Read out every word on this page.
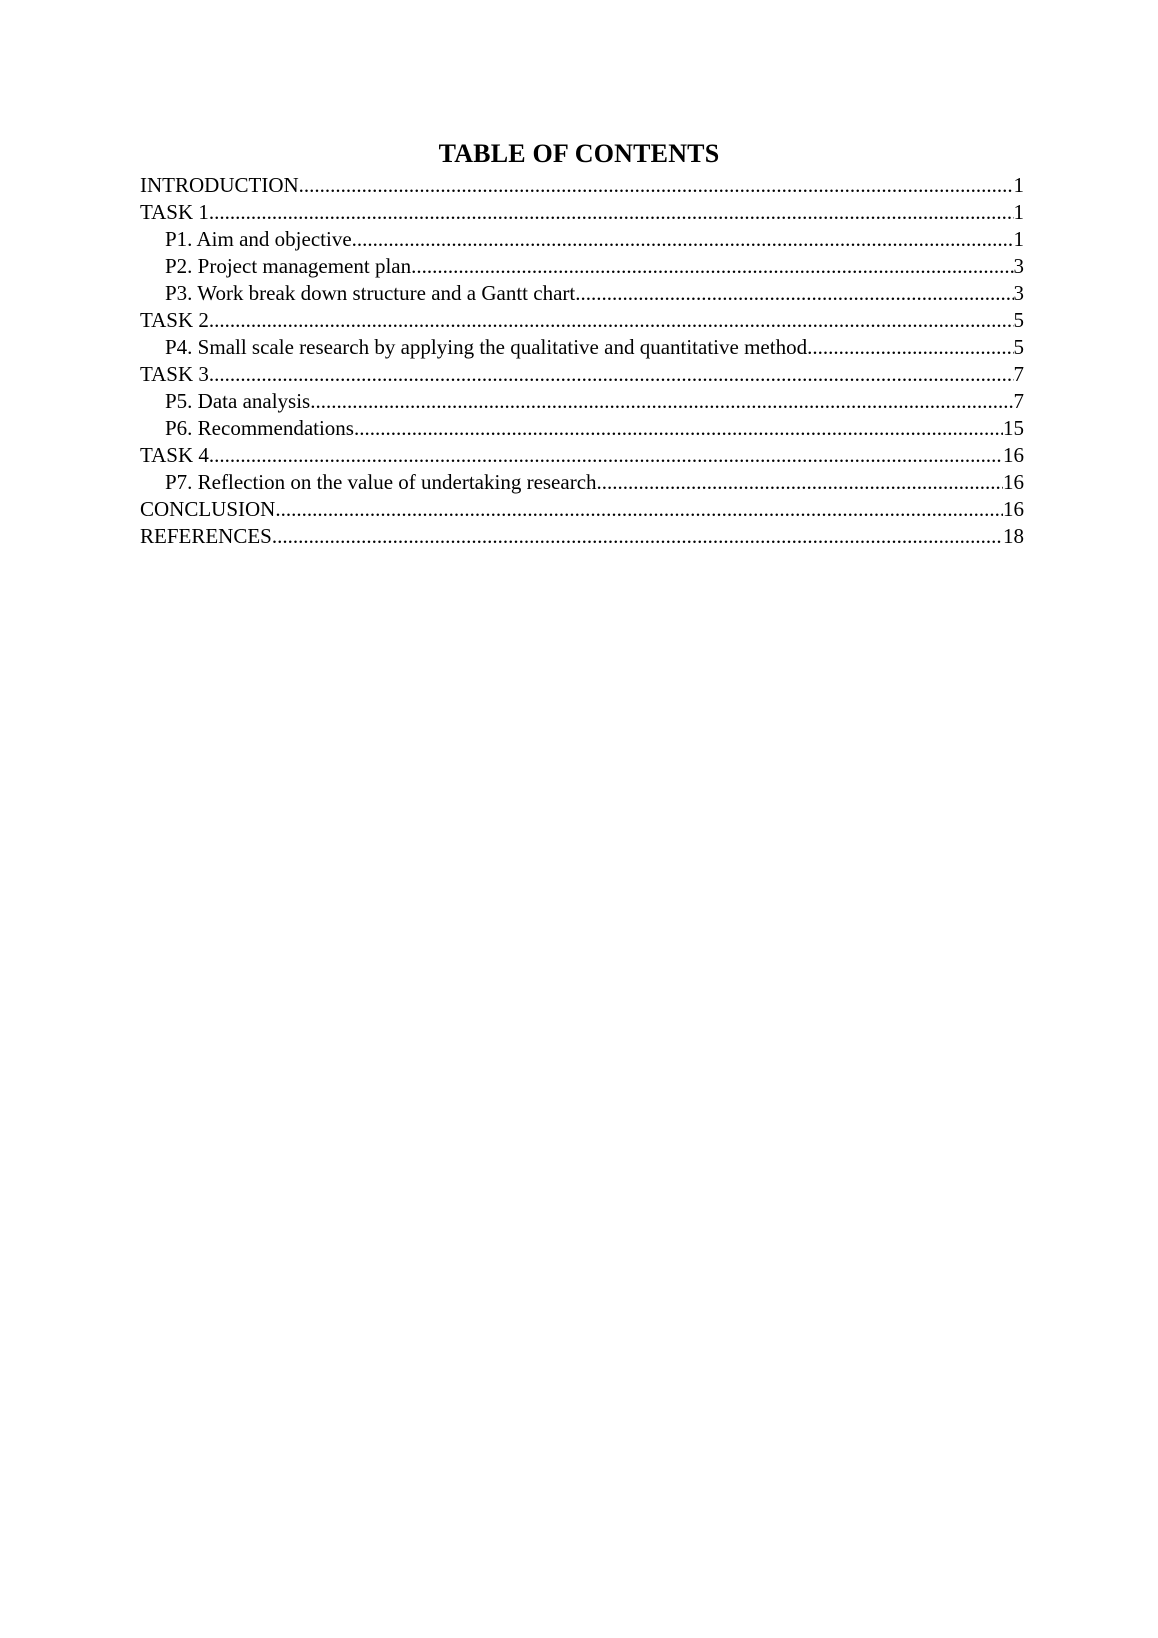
TABLE OF CONTENTS
INTRODUCTION .....	1
TASK 1 .....	1
P1. Aim and objective .....	1
P2. Project management plan .....	3
P3. Work break down structure and a Gantt chart .....	3
TASK 2 .....	5
P4. Small scale research by applying the qualitative and quantitative method .....	5
TASK 3 .....	7
P5. Data analysis .....	7
P6. Recommendations .....	15
TASK 4 .....	16
P7. Reflection on the value of undertaking research .....	16
CONCLUSION .....	16
REFERENCES .....	18
